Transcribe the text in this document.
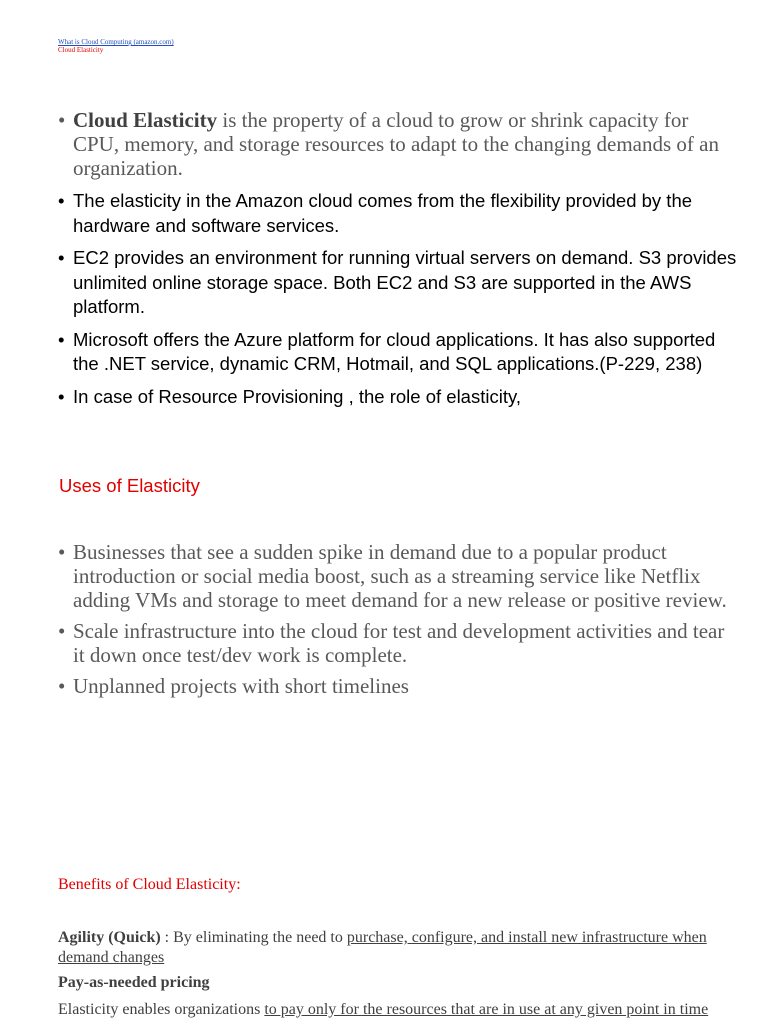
What is Cloud Computing (amazon.com)
Cloud Elasticity
• Cloud Elasticity is the property of a cloud to grow or shrink capacity for CPU, memory, and storage resources to adapt to the changing demands of an organization.
• The elasticity in the Amazon cloud comes from the flexibility provided by the hardware and software services.
• EC2 provides an environment for running virtual servers on demand. S3 provides unlimited online storage space. Both EC2 and S3 are supported in the AWS platform.
• Microsoft offers the Azure platform for cloud applications. It has also supported the .NET service, dynamic CRM, Hotmail, and SQL applications.(P-229, 238)
• In case of Resource Provisioning , the role of elasticity,
Uses of Elasticity
• Businesses that see a sudden spike in demand due to a popular product introduction or social media boost, such as a streaming service like Netflix adding VMs and storage to meet demand for a new release or positive review.
• Scale infrastructure into the cloud for test and development activities and tear it down once test/dev work is complete.
• Unplanned projects with short timelines
Benefits of Cloud Elasticity:
Agility (Quick) : By eliminating the need to purchase, configure, and install new infrastructure when demand changes
Pay-as-needed pricing
Elasticity enables organizations to pay only for the resources that are in use at any given point in time
